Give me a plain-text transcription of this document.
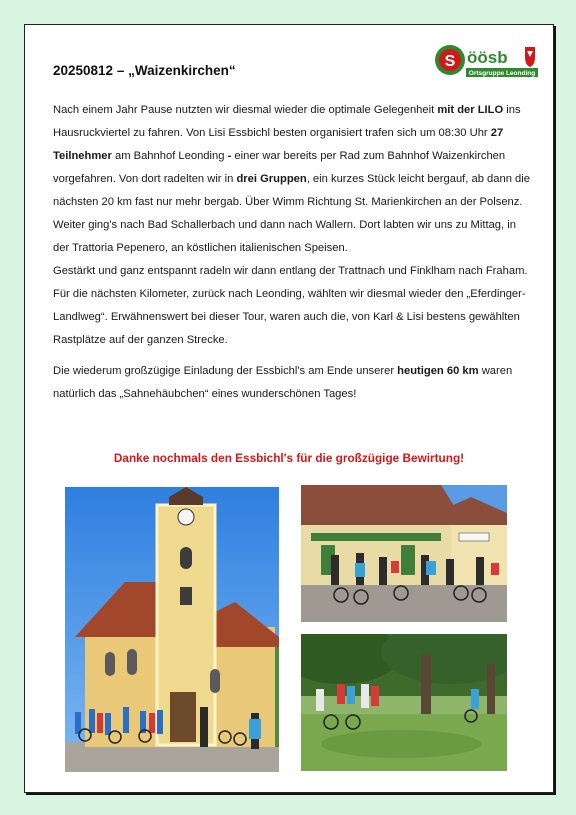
S öösb
Ortsgruppe Leonding
20250812 – „Waizenkirchen“

Nach einem Jahr Pause nutzten wir diesmal wieder die optimale Gelegenheit mit der LILO ins Hausruckviertel zu fahren. Von Lisi Essbichl besten organisiert trafen sich um 08:30 Uhr 27 Teilnehmer am Bahnhof Leonding - einer war bereits per Rad zum Bahnhof Waizenkirchen vorgefahren. Von dort radelten wir in drei Gruppen, ein kurzes Stück leicht bergauf, ab dann die nächsten 20 km fast nur mehr bergab. Über Wimm Richtung St. Marienkirchen an der Polsenz. Weiter ging's nach Bad Schallerbach und dann nach Wallern. Dort labten wir uns zu Mittag, in der Trattoria Pepenero, an köstlichen italienischen Speisen.

Gestärkt und ganz entspannt radeln wir dann entlang der Trattnach und Finklham nach Fraham. Für die nächsten Kilometer, zurück nach Leonding, wählten wir diesmal wieder den „Eferdinger-Landlweg“. Erwähnenswert bei dieser Tour, waren auch die, von Karl & Lisi bestens gewählten Rastplätze auf der ganzen Strecke.

Die wiederum großzügige Einladung der Essbichl's am Ende unserer heutigen 60 km waren natürlich das „Sahnehäubchen“ eines wunderschönen Tages!

Danke nochmals den Essbichl's für die großzügige Bewirtung!
